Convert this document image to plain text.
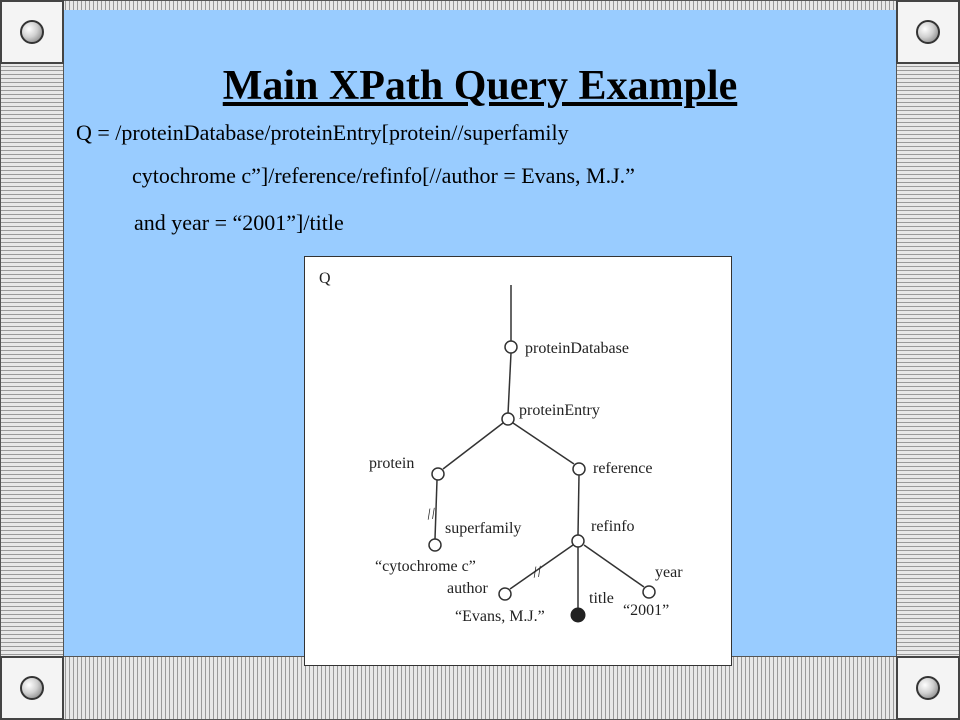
Main XPath Query Example
Q = /proteinDatabase/proteinEntry[protein//superfamily
cytochrome c”]/reference/refinfo[//author = Evans, M.J.”
and year = “2001”]/title
Q
proteinDatabase
proteinEntry
protein	reference
//
superfamily	refinfo
“cytochrome c”	//
author
year
title
“Evans, M.J.”	“2001”
